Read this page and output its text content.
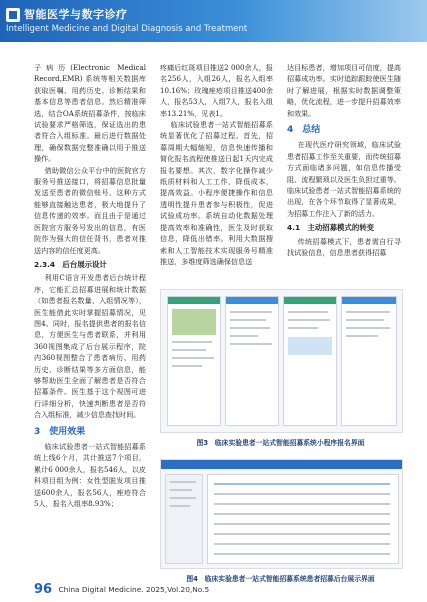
智能医学与数字诊疗
Intelligent Medicine and Digital Diagnosis and Treatment

子病历(Electronic Medical Record,EMR) 系统等相关数据库获取医嘱、用药历史、诊断结果和基本信息等患者信息。然后精准筛选，结合OA系统招募条件，按临床试验要求严格筛选，保证选出的患者符合入组标准。最后进行数据处理，确保数据完整准确以用于推送操作。

借助微信公众平台中的医院官方服务号推送接口，将招募信息批量发送至患者的微信账号。这种方式能够直接触达患者，极大地提升了信息传递的效率。而且由于是通过医院官方服务号发出的信息，有医院作为强大的信任背书，患者对推送内容的信任度更高。

2.3.4　后台展示设计

利用C语言开发患者后台统计程序，它能汇总招募进展和统计数据（如患者报名数量、入组情况等），医生能借此实时掌握招募情况，见图4。同时，报名提供患者的报名信息，方便医生与患者联系，并利用360视图集成了后台展示程序，院内360视图整合了患者病历、用药历史、诊断结果等多方面信息，能够帮助医生全面了解患者是否符合招募条件。医生基于这个视图可进行详细分析，快速判断患者是否符合入组标准，减少信息查找时间。

3　使用效果

临床试验患者一站式智能招募系统上线6个月，共计推送7个项目，累计6 000余人，报名546人，以皮科项目组为例：女性型脱发项目推送600余人，报名56人，痤疮符合5人，报名入组率8.93%；

疼痛后红斑项目推送2 000余人，报名256人，入组26人，报名入组率10.16%；玫瑰痤疮项目推送400余人，报名53人，入组7人，报名入组率13.21%，见表1。

临床试验患者一站式智能招募系统显著优化了招募过程。首先，招募周期大幅缩短，信息快速传播和简化报名流程使推送日起1天内完成报名要想。其次，数字化操作减少纸质材料和人工工作，降低成本，提高效益。小程序便捷操作和信息透明性提升患者参与积极性，促进试验成功率。系统自动化数据处理提高效率和准确性，医生及时获取信息，降低出错率。利用大数据搜索和人工智能技术实现服务号精准推送，多维度筛选确保信息送

达目标患者，增加项目可信度，提高招募成功率。实时追踪跟踪使医生随时了解进展，根据实时数据调整策略，优化流程，进一步提升招募效率和效果。

4　总结

在现代医疗研究领域，临床试验患者招募工作至关重要，而传统招募方式面临诸多问题，如信息传播受阻、流程繁琐以及医生负担过重等。临床试验患者一站式智能招募系统的出现，在各个环节取得了显著成果，为招募工作注入了新的活力。

4.1　主动招募模式的转变

传统招募模式下，患者需自行寻找试验信息，信息患者获得招募

图3　临床实验患者一站式智能招募系统小程序报名界面
图4　临床实验患者一站式智能招募系统患者招募后台展示界面
96 China Digital Medicine. 2025,Vol.20,No.5
